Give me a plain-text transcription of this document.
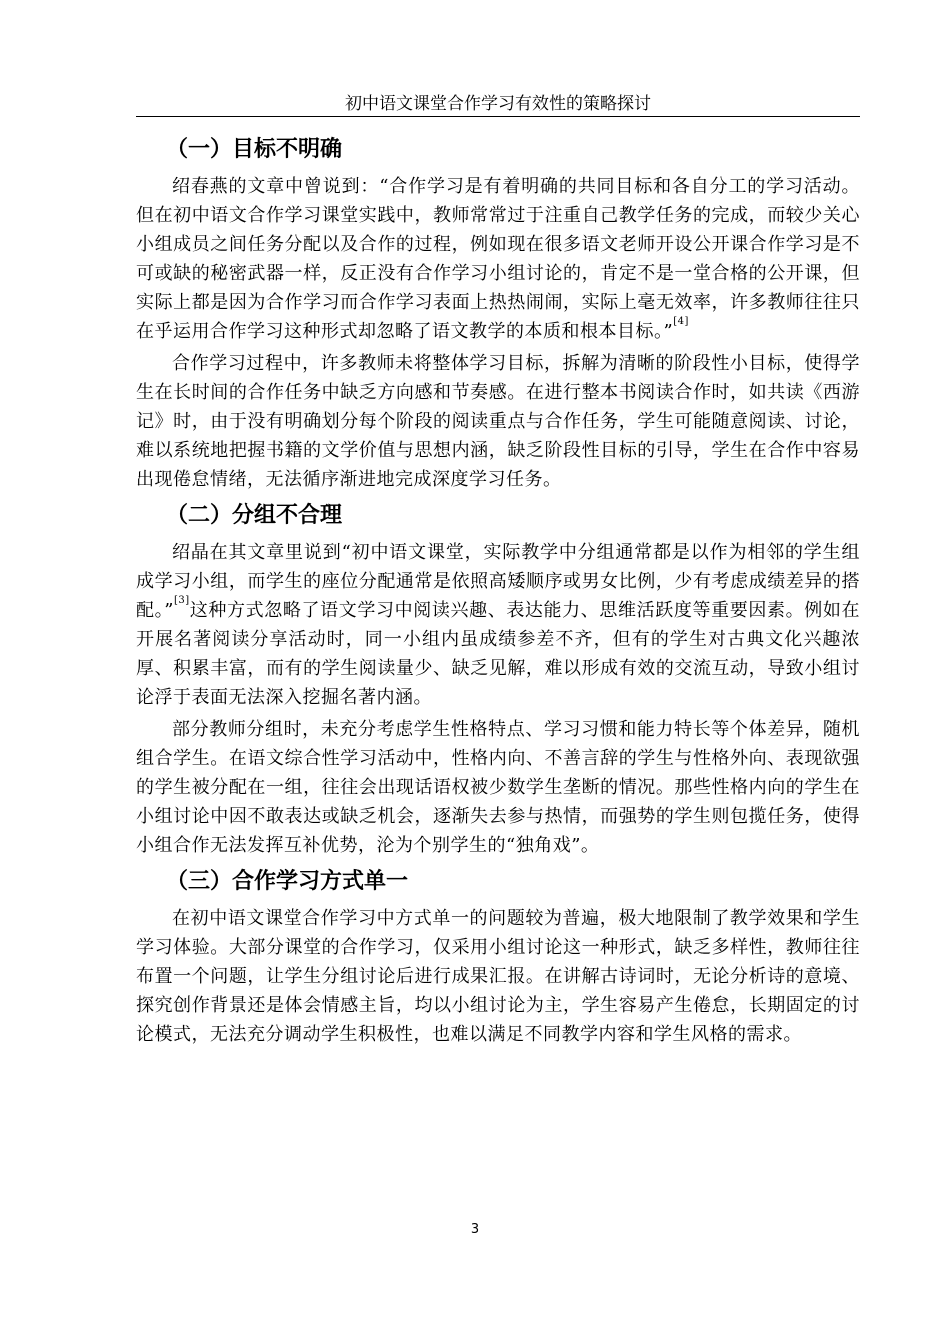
初中语文课堂合作学习有效性的策略探讨
（一）目标不明确

绍春燕的文章中曾说到：“合作学习是有着明确的共同目标和各自分工的学习活动。但在初中语文合作学习课堂实践中，教师常常过于注重自己教学任务的完成，而较少关心小组成员之间任务分配以及合作的过程，例如现在很多语文老师开设公开课合作学习是不可或缺的秘密武器一样，反正没有合作学习小组讨论的，肯定不是一堂合格的公开课，但实际上都是因为合作学习而合作学习表面上热热闹闹，实际上毫无效率，许多教师往往只在乎运用合作学习这种形式却忽略了语文教学的本质和根本目标。”[4]

合作学习过程中，许多教师未将整体学习目标，拆解为清晰的阶段性小目标，使得学生在长时间的合作任务中缺乏方向感和节奏感。在进行整本书阅读合作时，如共读《西游记》时，由于没有明确划分每个阶段的阅读重点与合作任务，学生可能随意阅读、讨论，难以系统地把握书籍的文学价值与思想内涵，缺乏阶段性目标的引导，学生在合作中容易出现倦怠情绪，无法循序渐进地完成深度学习任务。

（二）分组不合理

绍晶在其文章里说到“初中语文课堂，实际教学中分组通常都是以作为相邻的学生组成学习小组，而学生的座位分配通常是依照高矮顺序或男女比例，少有考虑成绩差异的搭配。”[3]这种方式忽略了语文学习中阅读兴趣、表达能力、思维活跃度等重要因素。例如在开展名著阅读分享活动时，同一小组内虽成绩参差不齐，但有的学生对古典文化兴趣浓厚、积累丰富，而有的学生阅读量少、缺乏见解，难以形成有效的交流互动，导致小组讨论浮于表面无法深入挖掘名著内涵。

部分教师分组时，未充分考虑学生性格特点、学习习惯和能力特长等个体差异，随机组合学生。在语文综合性学习活动中，性格内向、不善言辞的学生与性格外向、表现欲强的学生被分配在一组，往往会出现话语权被少数学生垄断的情况。那些性格内向的学生在小组讨论中因不敢表达或缺乏机会，逐渐失去参与热情，而强势的学生则包揽任务，使得小组合作无法发挥互补优势，沦为个别学生的“独角戏”。

（三）合作学习方式单一

在初中语文课堂合作学习中方式单一的问题较为普遍，极大地限制了教学效果和学生学习体验。大部分课堂的合作学习，仅采用小组讨论这一种形式，缺乏多样性，教师往往布置一个问题，让学生分组讨论后进行成果汇报。在讲解古诗词时，无论分析诗的意境、探究创作背景还是体会情感主旨，均以小组讨论为主，学生容易产生倦怠，长期固定的讨论模式，无法充分调动学生积极性，也难以满足不同教学内容和学生风格的需求。

3
